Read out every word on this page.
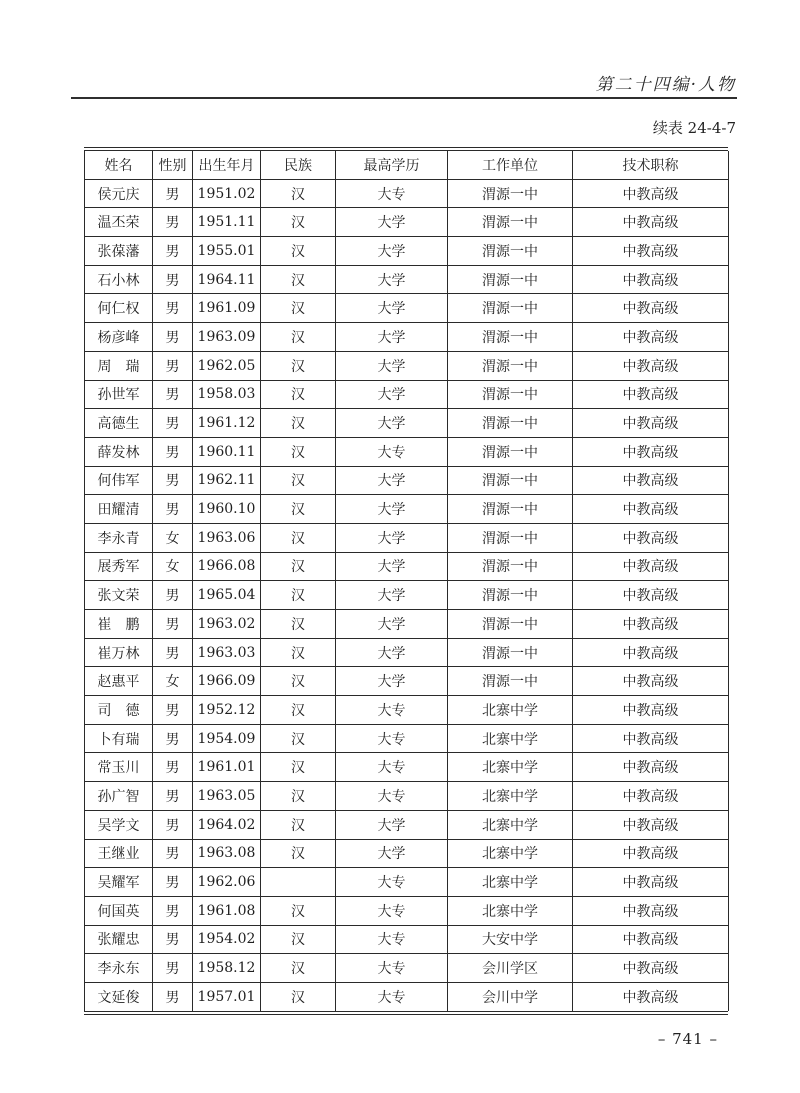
第二十四编·人物
续表 24-4-7
姓名	性别	出生年月	民族	最高学历	工作单位	技术职称
侯元庆	男	1951.02	汉	大专	渭源一中	中教高级
温丕荣	男	1951.11	汉	大学	渭源一中	中教高级
张葆藩	男	1955.01	汉	大学	渭源一中	中教高级
石小林	男	1964.11	汉	大学	渭源一中	中教高级
何仁权	男	1961.09	汉	大学	渭源一中	中教高级
杨彦峰	男	1963.09	汉	大学	渭源一中	中教高级
周　瑞	男	1962.05	汉	大学	渭源一中	中教高级
孙世军	男	1958.03	汉	大学	渭源一中	中教高级
高德生	男	1961.12	汉	大学	渭源一中	中教高级
薛发林	男	1960.11	汉	大专	渭源一中	中教高级
何伟军	男	1962.11	汉	大学	渭源一中	中教高级
田耀清	男	1960.10	汉	大学	渭源一中	中教高级
李永青	女	1963.06	汉	大学	渭源一中	中教高级
展秀军	女	1966.08	汉	大学	渭源一中	中教高级
张文荣	男	1965.04	汉	大学	渭源一中	中教高级
崔　鹏	男	1963.02	汉	大学	渭源一中	中教高级
崔万林	男	1963.03	汉	大学	渭源一中	中教高级
赵惠平	女	1966.09	汉	大学	渭源一中	中教高级
司　德	男	1952.12	汉	大专	北寨中学	中教高级
卜有瑞	男	1954.09	汉	大专	北寨中学	中教高级
常玉川	男	1961.01	汉	大专	北寨中学	中教高级
孙广智	男	1963.05	汉	大专	北寨中学	中教高级
吴学文	男	1964.02	汉	大学	北寨中学	中教高级
王继业	男	1963.08	汉	大学	北寨中学	中教高级
吴耀军	男	1962.06		大专	北寨中学	中教高级
何国英	男	1961.08	汉	大专	北寨中学	中教高级
张耀忠	男	1954.02	汉	大专	大安中学	中教高级
李永东	男	1958.12	汉	大专	会川学区	中教高级
文延俊	男	1957.01	汉	大专	会川中学	中教高级
– 741 –
